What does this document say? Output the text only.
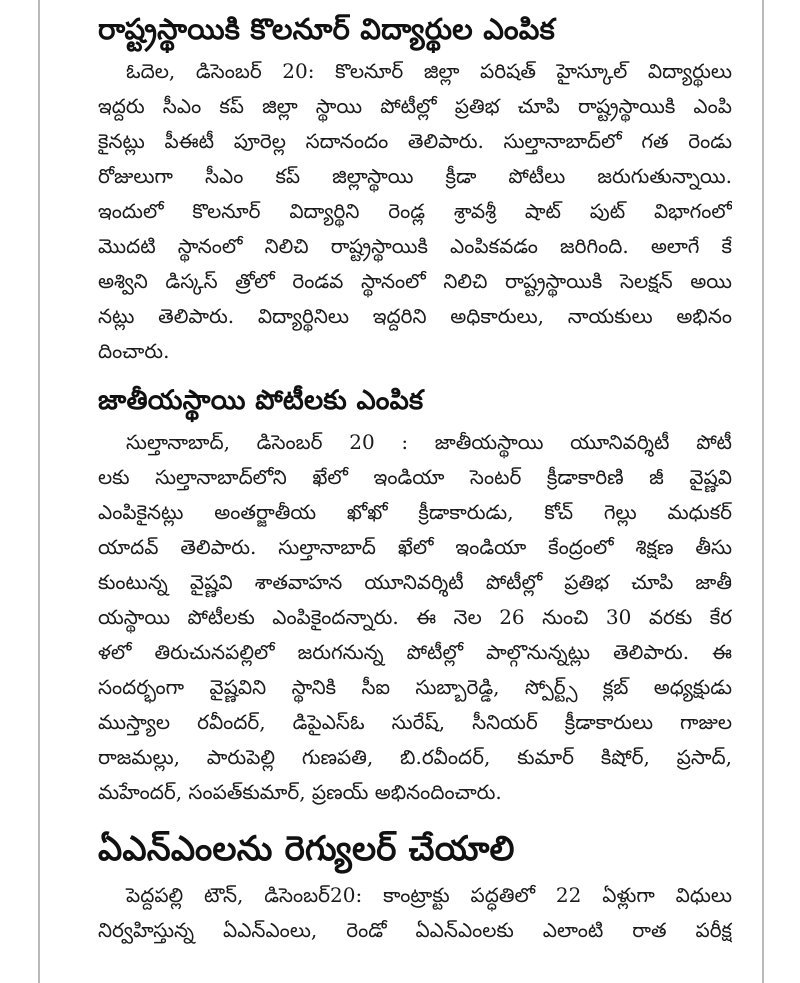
రాష్ట్రస్థాయికి కొలనూర్ విద్యార్థుల ఎంపిక

ఓదెల, డిసెంబర్ 20: కొలనూర్ జిల్లా పరిషత్ హైస్కూల్ విద్యార్థులు
ఇద్దరు సీఎం కప్ జిల్లా స్థాయి పోటీల్లో ప్రతిభ చూపి రాష్ట్రస్థాయికి ఎంపి
కైనట్లు పీఈటీ పూరెల్ల సదానందం తెలిపారు. సుల్తానాబాద్‌లో గత రెండు
రోజులుగా సీఎం కప్ జిల్లాస్థాయి క్రీడా పోటీలు జరుగుతున్నాయి.
ఇందులో కొలనూర్ విద్యార్థిని రెండ్ల శ్రావశ్రీ షాట్ పుట్ విభాగంలో
మొదటి స్థానంలో నిలిచి రాష్ట్రస్థాయికి ఎంపికవడం జరిగింది. అలాగే కే
అశ్విని డిస్కస్ త్రోలో రెండవ స్థానంలో నిలిచి రాష్ట్రస్థాయికి సెలక్షన్ అయి
నట్లు తెలిపారు. విద్యార్థినిలు ఇద్దరిని అధికారులు, నాయకులు అభినం
దించారు.

జాతీయస్థాయి పోటీలకు ఎంపిక

సుల్తానాబాద్, డిసెంబర్ 20 : జాతీయస్థాయి యూనివర్శిటీ పోటీ
లకు సుల్తానాబాద్‌లోని ఖేలో ఇండియా సెంటర్ క్రీడాకారిణి జీ వైష్ణవి
ఎంపికైనట్లు అంతర్జాతీయ ఖోఖో క్రీడాకారుడు, కోచ్ గెల్లు మధుకర్
యాదవ్ తెలిపారు. సుల్తానాబాద్ ఖేలో ఇండియా కేంద్రంలో శిక్షణ తీసు
కుంటున్న వైష్ణవి శాతవాహన యూనివర్శిటీ పోటీల్లో ప్రతిభ చూపి జాతీ
యస్థాయి పోటీలకు ఎంపికైందన్నారు. ఈ నెల 26 నుంచి 30 వరకు కేర
ళలో తిరుచునపల్లిలో జరుగనున్న పోటీల్లో పాల్గొనున్నట్లు తెలిపారు. ఈ
సందర్భంగా వైష్ణవిని స్థానికి సీఐ సుబ్బారెడ్డి, స్పోర్ట్స్ క్లబ్ అధ్యక్షుడు
ముస్త్యాల రవీందర్, డిపైఎస్ఓ సురేష్, సీనియర్ క్రీడాకారులు గాజుల
రాజమల్లు, పారుపెల్లి గుణపతి, బి.రవీందర్, కుమార్ కిషోర్, ప్రసాద్,
మహేందర్, సంపత్‌కుమార్, ప్రణయ్ అభినందించారు.

ఏఎన్ఎంలను రెగ్యులర్ చేయాలి

పెద్దపల్లి టౌన్, డిసెంబర్20: కాంట్రాక్టు పద్ధతిలో 22 ఏళ్లుగా విధులు
నిర్వహిస్తున్న ఏఎన్ఎంలు, రెండో ఏఎన్ఎంలకు ఎలాంటి రాత పరీక్ష
